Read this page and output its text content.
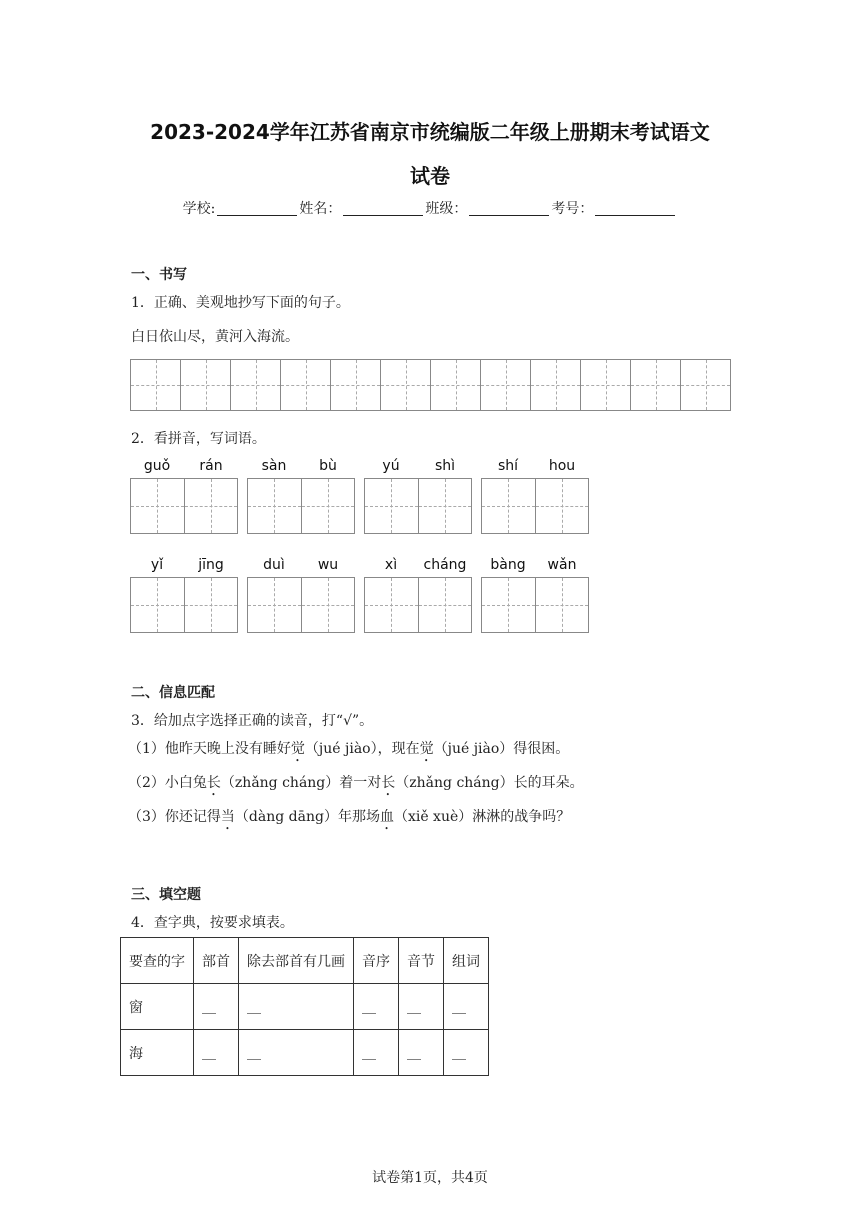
2023-2024学年江苏省南京市统编版二年级上册期末考试语文
试卷
学校:	姓名：	班级：	考号：
一、书写
1．正确、美观地抄写下面的句子。
白日依山尽，黄河入海流。
2．看拼音，写词语。
guǒ	rán	sàn	bù	yú	shì	shí	hou
yǐ	jīng	duì	wu	xì	cháng	bàng	wǎn
二、信息匹配
3．给加点字选择正确的读音，打“√”。
（1）他昨天晚上没有睡好觉（jué jiào），现在觉（jué jiào）得很困。
（2）小白兔长（zhǎng cháng）着一对长（zhǎng cháng）长的耳朵。
（3）你还记得当（dàng dāng）年那场血（xiě xuè）淋淋的战争吗？
三、填空题
4．查字典，按要求填表。
要查的字	部首	除去部首有几画	音序	音节	组词
窗	＿	＿	＿	＿	＿
海	＿	＿	＿	＿	＿
试卷第1页，共4页
